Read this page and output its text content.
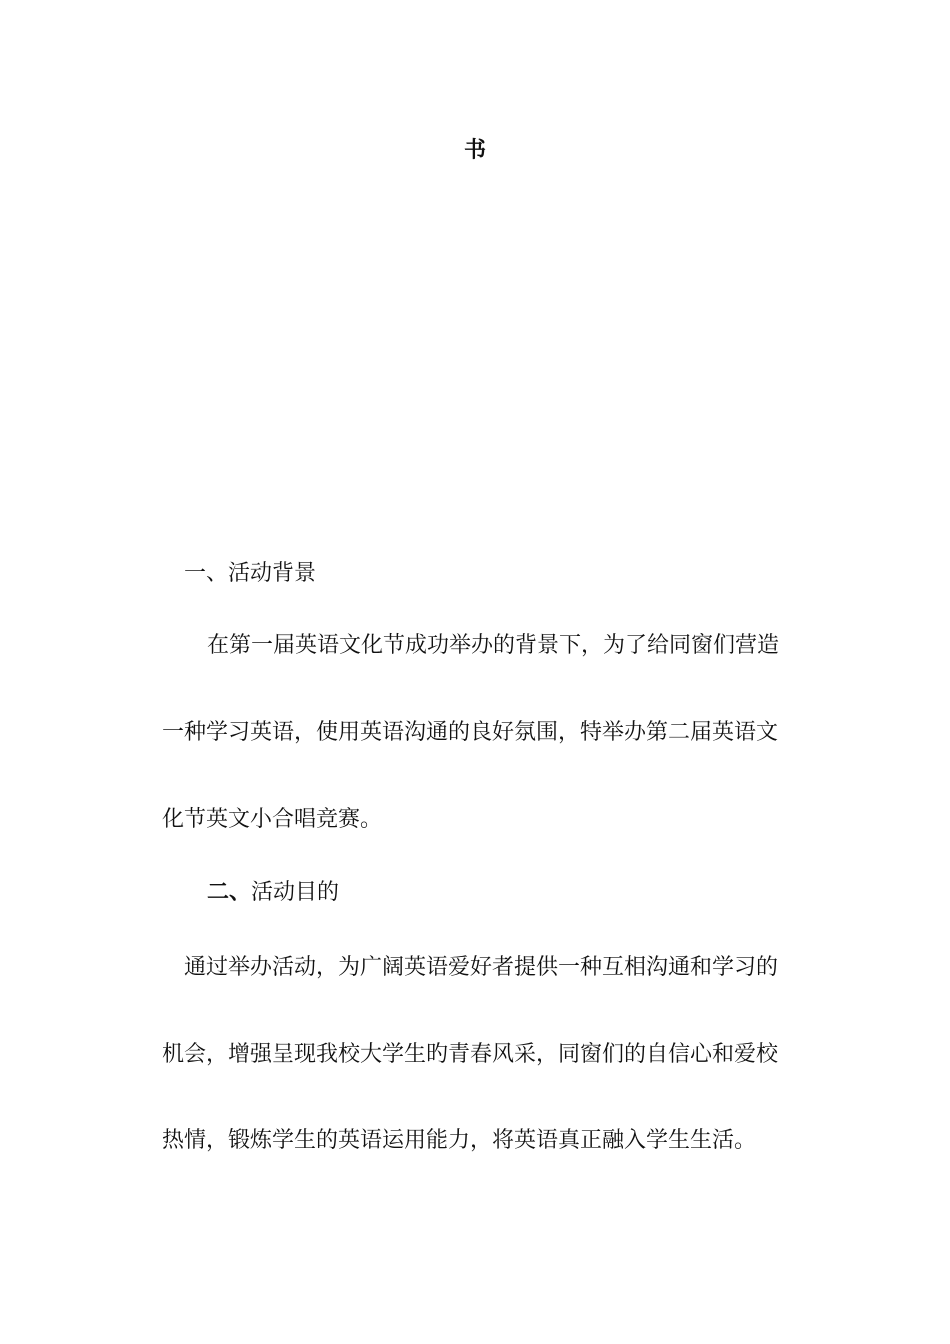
书

一、活动背景

在第一届英语文化节成功举办的背景下，为了给同窗们营造

一种学习英语，使用英语沟通的良好氛围，特举办第二届英语文

化节英文小合唱竞赛。

二、活动目的

通过举办活动，为广阔英语爱好者提供一种互相沟通和学习的

机会，增强呈现我校大学生旳青春风采，同窗们的自信心和爱校

热情，锻炼学生的英语运用能力，将英语真正融入学生生活。
